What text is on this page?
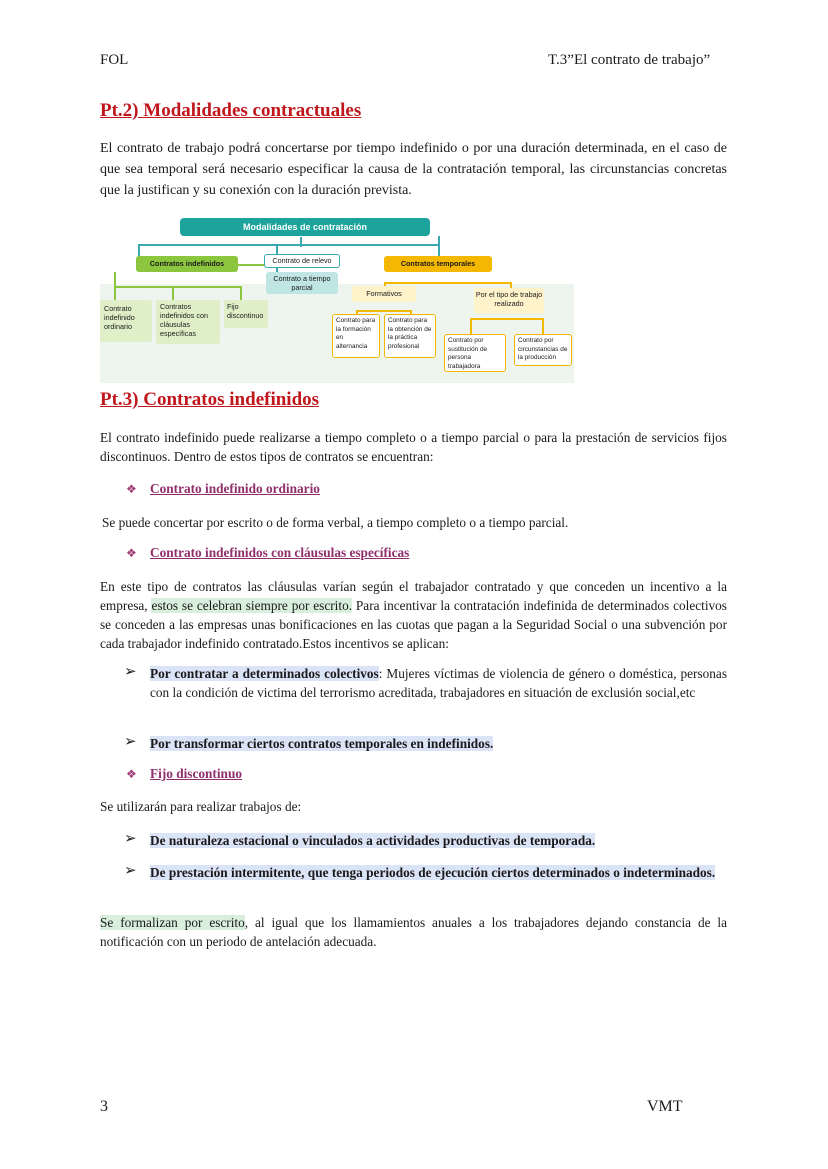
FOL	T.3”El contrato de trabajo”
Pt.2) Modalidades contractuales
El contrato de trabajo podrá concertarse por tiempo indefinido o por una duración determinada, en el caso de que sea temporal será necesario especificar la causa de la contratación temporal, las circunstancias concretas que la justifican y su conexión con la duración prevista.
Modalidades de contratación
Contratos indefinidos	Contrato de relevo
Contrato a tiempo parcial
Contratos temporales
Contrato indefinido ordinario
Contratos indefinidos con cláusulas específicas
Fijo discontinuo
Formativos	Por el tipo de trabajo realizado
Contrato para la formación en alternancia
Contrato para la obtención de la práctica profesional
Contrato por sustitución de persona trabajadora
Contrato por circunstancias de la producción
Pt.3) Contratos indefinidos
El contrato indefinido puede realizarse a tiempo completo o a tiempo parcial o para la prestación de servicios fijos discontinuos. Dentro de estos tipos de contratos se encuentran:
❖ Contrato indefinido ordinario
Se puede concertar por escrito o de forma verbal, a tiempo completo o a tiempo parcial.
❖ Contrato indefinidos con cláusulas específicas
En este tipo de contratos las cláusulas varían según el trabajador contratado y que conceden un incentivo a la empresa, estos se celebran siempre por escrito. Para incentivar la contratación indefinida de determinados colectivos se conceden a las empresas unas bonificaciones en las cuotas que pagan a la Seguridad Social o una subvención por cada trabajador indefinido contratado.Estos incentivos se aplican:
➢ Por contratar a determinados colectivos: Mujeres víctimas de violencia de género o doméstica, personas con la condición de victima del terrorismo acreditada, trabajadores en situación de exclusión social,etc
➢ Por transformar ciertos contratos temporales en indefinidos.
❖ Fijo discontinuo
Se utilizarán para realizar trabajos de:
➢ De naturaleza estacional o vinculados a actividades productivas de temporada.
➢ De prestación intermitente, que tenga periodos de ejecución ciertos determinados o indeterminados.
Se formalizan por escrito, al igual que los llamamientos anuales a los trabajadores dejando constancia de la notificación con un periodo de antelación adecuada.
3	VMT
